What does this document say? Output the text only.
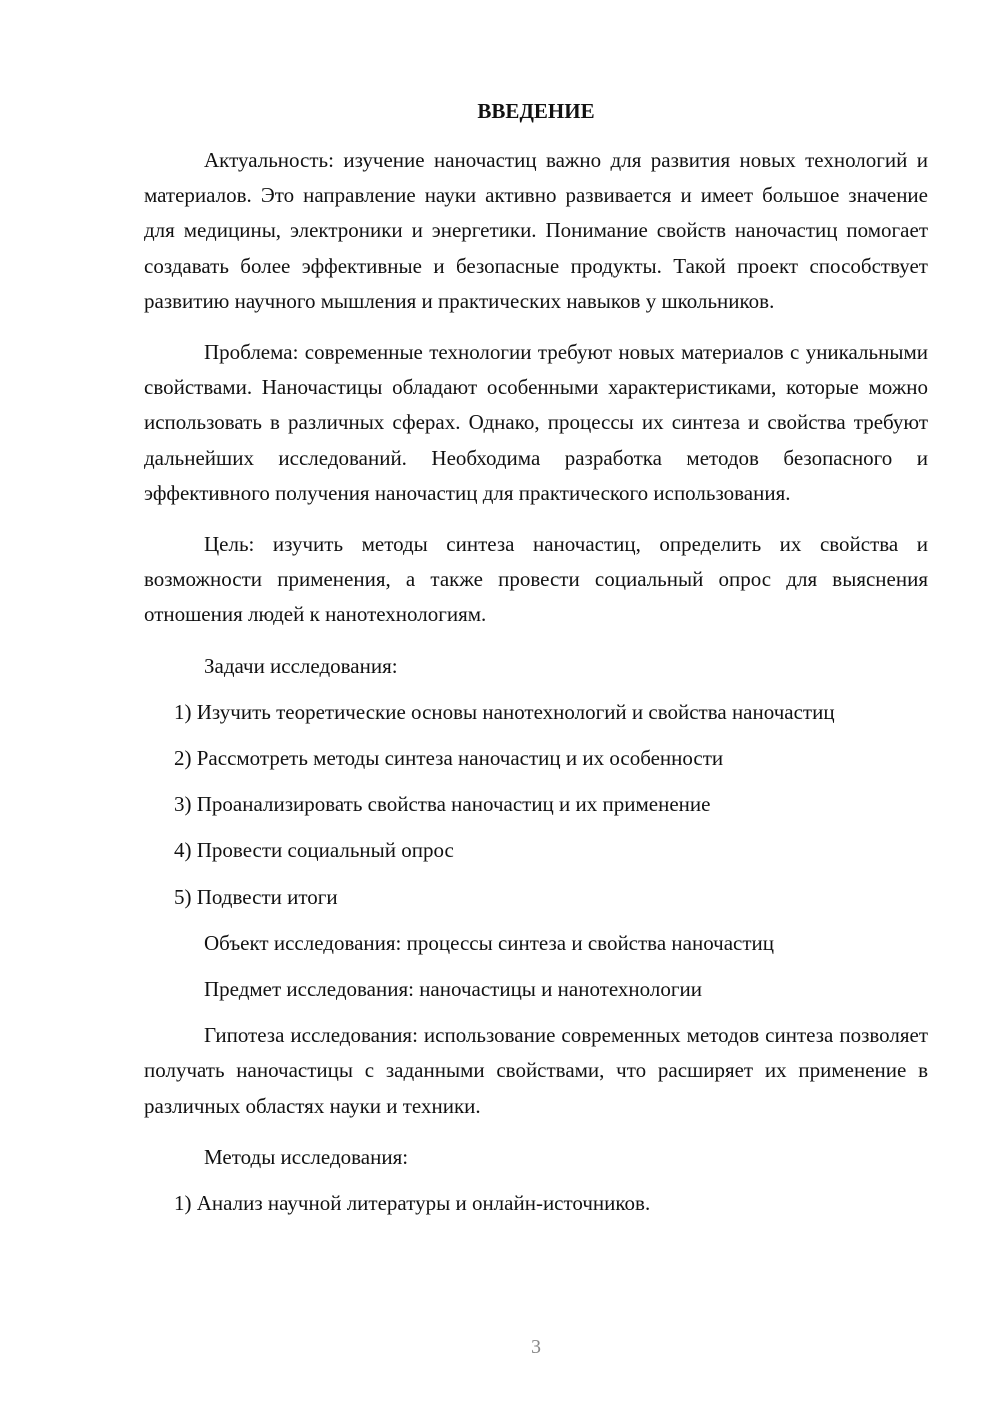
ВВЕДЕНИЕ

Актуальность: изучение наночастиц важно для развития новых технологий и материалов. Это направление науки активно развивается и имеет большое значение для медицины, электроники и энергетики. Понимание свойств наночастиц помогает создавать более эффективные и безопасные продукты. Такой проект способствует развитию научного мышления и практических навыков у школьников.

Проблема: современные технологии требуют новых материалов с уникальными свойствами. Наночастицы обладают особенными характеристиками, которые можно использовать в различных сферах. Однако, процессы их синтеза и свойства требуют дальнейших исследований. Необходима разработка методов безопасного и эффективного получения наночастиц для практического использования.

Цель: изучить методы синтеза наночастиц, определить их свойства и возможности применения, а также провести социальный опрос для выяснения отношения людей к нанотехнологиям.

Задачи исследования:

1) Изучить теоретические основы нанотехнологий и свойства наночастиц

2) Рассмотреть методы синтеза наночастиц и их особенности

3) Проанализировать свойства наночастиц и их применение

4) Провести социальный опрос

5) Подвести итоги

Объект исследования: процессы синтеза и свойства наночастиц

Предмет исследования: наночастицы и нанотехнологии

Гипотеза исследования: использование современных методов синтеза позволяет получать наночастицы с заданными свойствами, что расширяет их применение в различных областях науки и техники.

Методы исследования:

1) Анализ научной литературы и онлайн-источников.

3
